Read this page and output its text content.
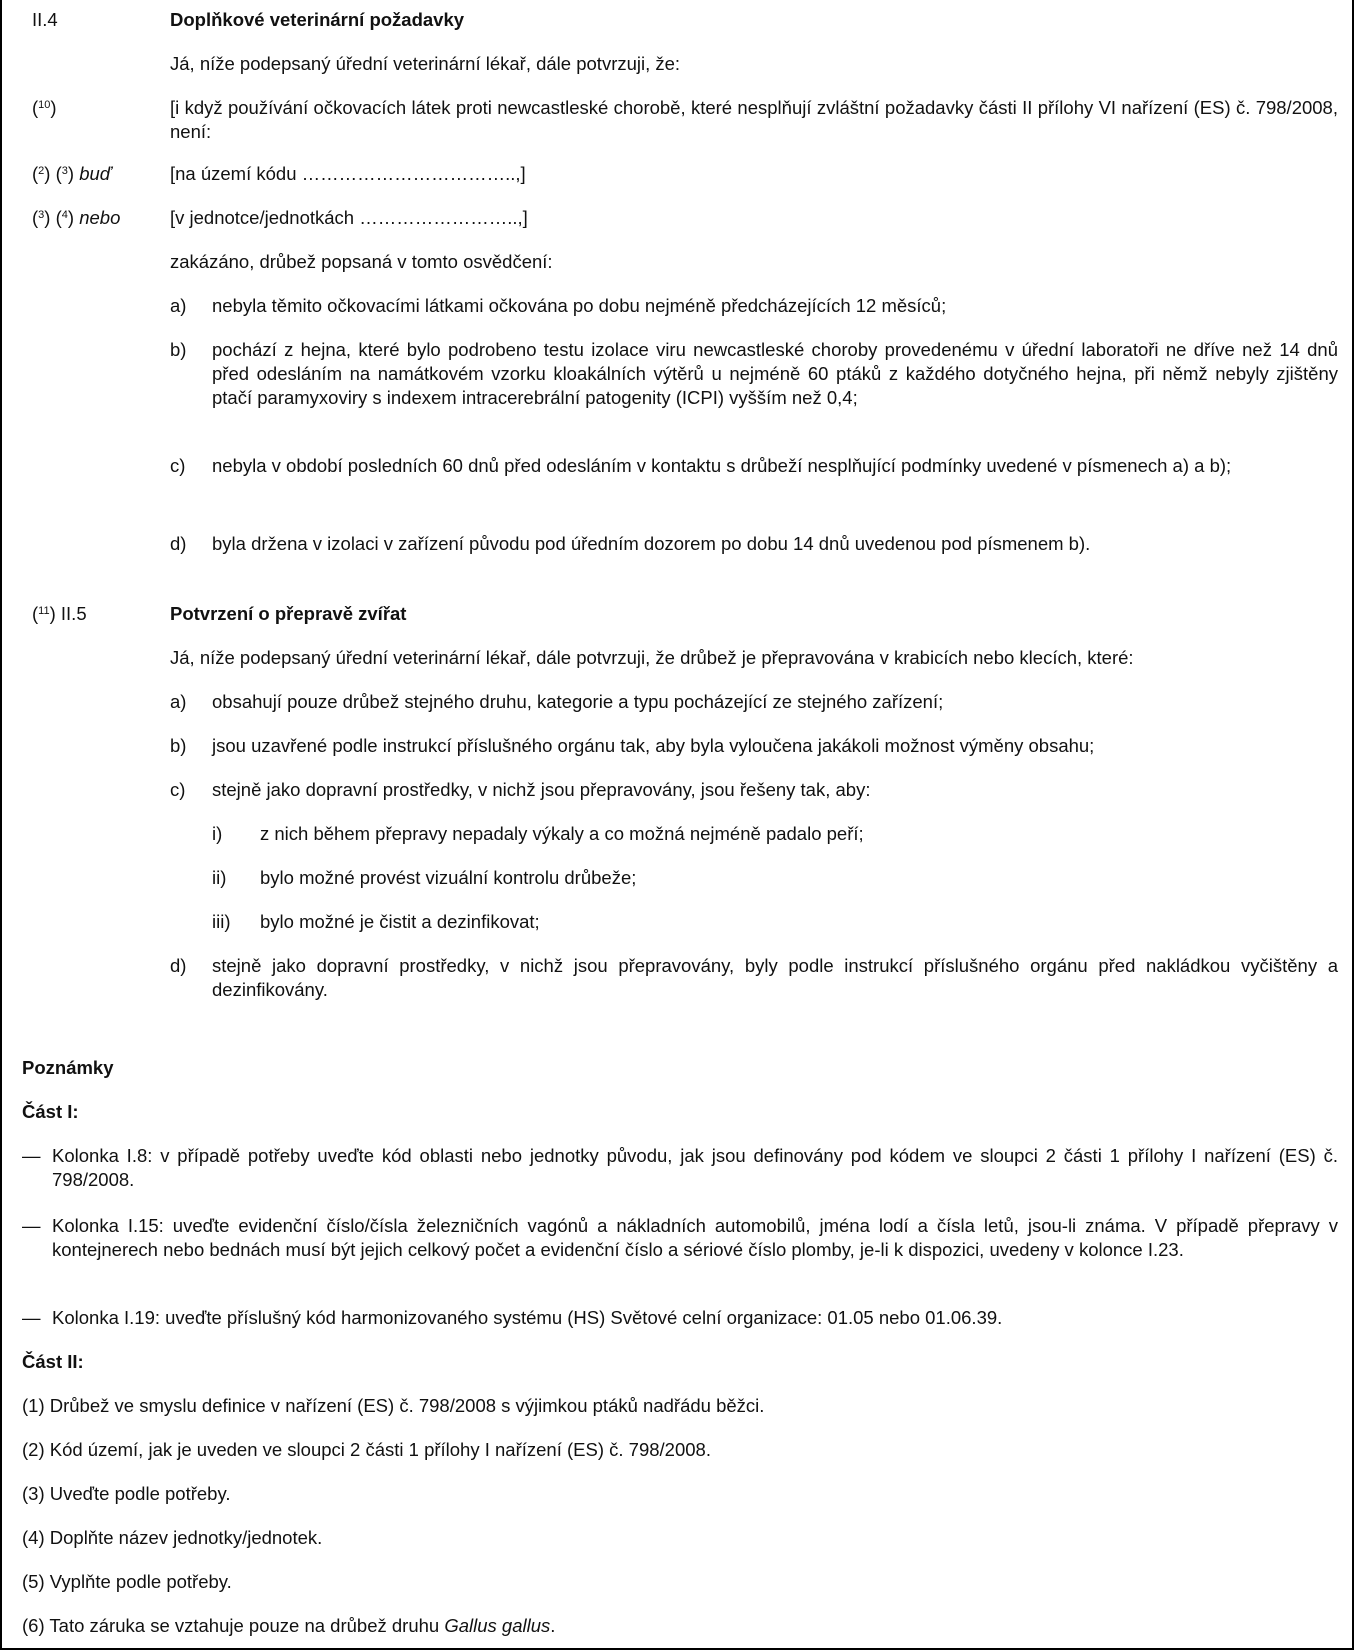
II.4	Doplňkové veterinární požadavky
Já, níže podepsaný úřední veterinární lékař, dále potvrzuji, že:
($^{10}$)	[i když používání očkovacích látek proti newcastleské chorobě, které nesplňují zvláštní požadavky části II přílohy VI nařízení (ES) č. 798/2008, není:
($^2$) ($^3$) buď	[na území kódu ……………………………..,]
($^3$) ($^4$) nebo	[v jednotce/jednotkách ……………………..,]
zakázáno, drůbež popsaná v tomto osvědčení:
a) nebyla těmito očkovacími látkami očkována po dobu nejméně předcházejících 12 měsíců;
b) pochází z hejna, které bylo podrobeno testu izolace viru newcastleské choroby provedenému v úřední laboratoři ne dříve než 14 dnů před odesláním na namátkovém vzorku kloakálních výtěrů u nejméně 60 ptáků z každého dotyčného hejna, při němž nebyly zjištěny ptačí paramyxoviry s indexem intracerebrální patogenity (ICPI) vyšším než 0,4;
c) nebyla v období posledních 60 dnů před odesláním v kontaktu s drůbeží nesplňující podmínky uvedené v písmenech a) a b);
d) byla držena v izolaci v zařízení původu pod úředním dozorem po dobu 14 dnů uvedenou pod písmenem b).
($^{11}$) II.5	Potvrzení o přepravě zvířat
Já, níže podepsaný úřední veterinární lékař, dále potvrzuji, že drůbež je přepravována v krabicích nebo klecích, které:
a) obsahují pouze drůbež stejného druhu, kategorie a typu pocházející ze stejného zařízení;
b) jsou uzavřené podle instrukcí příslušného orgánu tak, aby byla vyloučena jakákoli možnost výměny obsahu;
c) stejně jako dopravní prostředky, v nichž jsou přepravovány, jsou řešeny tak, aby:
i) z nich během přepravy nepadaly výkaly a co možná nejméně padalo peří;
ii) bylo možné provést vizuální kontrolu drůbeže;
iii) bylo možné je čistit a dezinfikovat;
d) stejně jako dopravní prostředky, v nichž jsou přepravovány, byly podle instrukcí příslušného orgánu před nakládkou vyčištěny a dezinfikovány.
Poznámky
Část I:
— Kolonka I.8: v případě potřeby uveďte kód oblasti nebo jednotky původu, jak jsou definovány pod kódem ve sloupci 2 části 1 přílohy I nařízení (ES) č. 798/2008.
— Kolonka I.15: uveďte evidenční číslo/čísla železničních vagónů a nákladních automobilů, jména lodí a čísla letů, jsou-li známa. V případě přepravy v kontejnerech nebo bednách musí být jejich celkový počet a evidenční číslo a sériové číslo plomby, je-li k dispozici, uvedeny v kolonce I.23.
— Kolonka I.19: uveďte příslušný kód harmonizovaného systému (HS) Světové celní organizace: 01.05 nebo 01.06.39.
Část II:
(1) Drůbež ve smyslu definice v nařízení (ES) č. 798/2008 s výjimkou ptáků nadřádu běžci.
(2) Kód území, jak je uveden ve sloupci 2 části 1 přílohy I nařízení (ES) č. 798/2008.
(3) Uveďte podle potřeby.
(4) Doplňte název jednotky/jednotek.
(5) Vyplňte podle potřeby.
(6) Tato záruka se vztahuje pouze na drůbež druhu Gallus gallus.
